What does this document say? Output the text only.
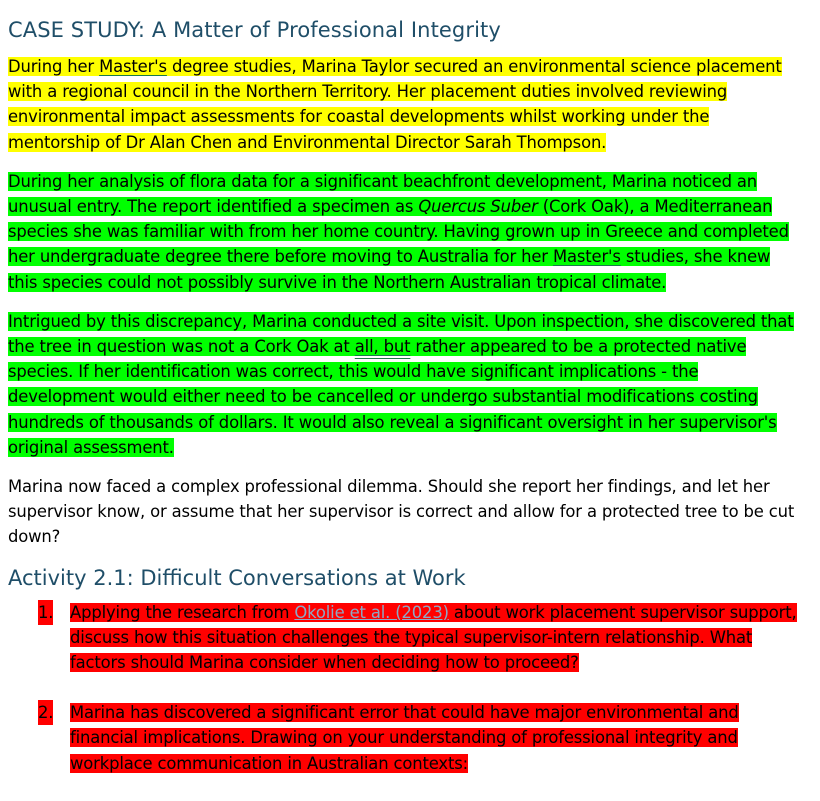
CASE STUDY: A Matter of Professional Integrity

During her Master's degree studies, Marina Taylor secured an environmental science placement with a regional council in the Northern Territory. Her placement duties involved reviewing environmental impact assessments for coastal developments whilst working under the mentorship of Dr Alan Chen and Environmental Director Sarah Thompson.

During her analysis of flora data for a significant beachfront development, Marina noticed an unusual entry. The report identified a specimen as Quercus Suber (Cork Oak), a Mediterranean species she was familiar with from her home country. Having grown up in Greece and completed her undergraduate degree there before moving to Australia for her Master's studies, she knew this species could not possibly survive in the Northern Australian tropical climate.

Intrigued by this discrepancy, Marina conducted a site visit. Upon inspection, she discovered that the tree in question was not a Cork Oak at all, but rather appeared to be a protected native species. If her identification was correct, this would have significant implications - the development would either need to be cancelled or undergo substantial modifications costing hundreds of thousands of dollars. It would also reveal a significant oversight in her supervisor's original assessment.

Marina now faced a complex professional dilemma. Should she report her findings, and let her supervisor know, or assume that her supervisor is correct and allow for a protected tree to be cut down?

Activity 2.1: Difficult Conversations at Work
1. Applying the research from Okolie et al. (2023) about work placement supervisor support, discuss how this situation challenges the typical supervisor-intern relationship. What factors should Marina consider when deciding how to proceed?
2. Marina has discovered a significant error that could have major environmental and financial implications. Drawing on your understanding of professional integrity and workplace communication in Australian contexts:
